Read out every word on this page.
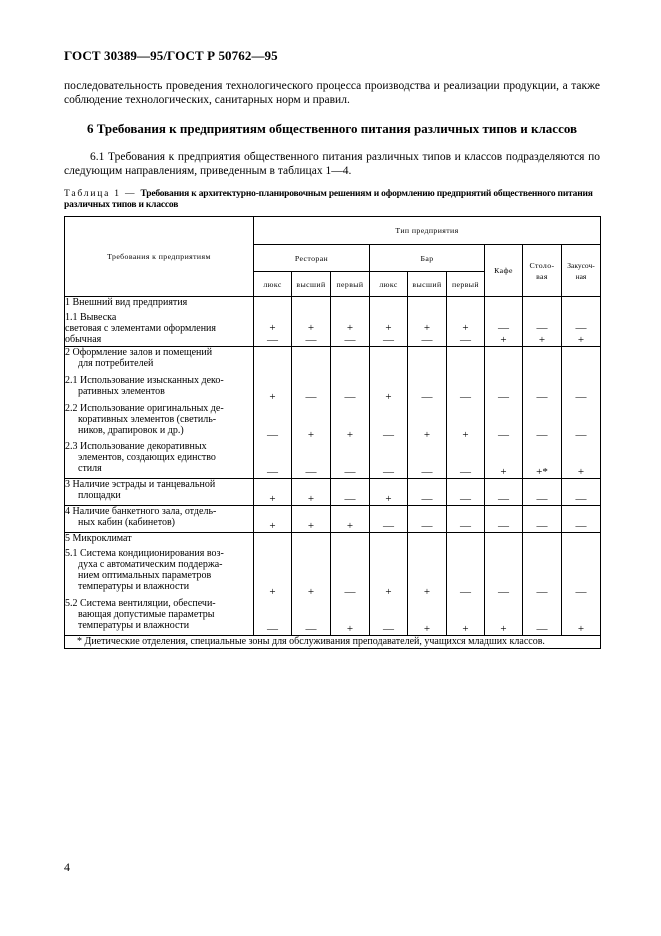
ГОСТ 30389—95/ГОСТ Р 50762—95
последовательность проведения технологического процесса производства и реализации продукции, а также соблюдение технологических, санитарных норм и правил.
6 Требования к предприятиям общественного питания различных типов и классов
6.1 Требования к предприятия общественного питания различных типов и классов подразделяются по следующим направлениям, приведенным в таблицах 1—4.
Таблица 1 — Требования к архитектурно-планировочным решениям и оформлению предприятий общественного питания различных типов и классов
Требования к предприятиям	Тип предприятия								
	Ресторан			Бар			Кафе	Столо-
вая	Закусоч-
ная

	люкс	высший	первый	люкс	высший	первый			
1 Внешний вид предприятия									

1.1 Вывеска
световая с элементами оформления	+	+	+	+	+	+	—	—	—
обычная	—	—	—	—	—	—	+	+	+

2 Оформление залов и помещений
для потребителей									

2.1 Использование изысканных деко-
ративных элементов	+	—	—	+	—	—	—	—	—

2.2 Использование оригинальных де-
коративных элементов (светиль-
ников, драпировок и др.)	—	+	+	—	+	+	—	—	—

2.3 Использование декоративных
элементов, создающих единство
стиля	—	—	—	—	—	—	+	+*	+

3 Наличие эстрады и танцевальной
площадки	+	+	—	+	—	—	—	—	—

4 Наличие банкетного зала, отдель-
ных кабин (кабинетов)	+	+	+	—	—	—	—	—	—
5 Микроклимат									

5.1 Система кондиционирования воз-
духа с автоматическим поддержа-
нием оптимальных параметров
температуры и влажности	+	+	—	+	+	—	—	—	—

5.2 Система вентиляции, обеспечи-
вающая допустимые параметры
температуры и влажности	—	—	+	—	+	+	+	—	+
* Диетические отделения, специальные зоны для обслуживания преподавателей, учащихся младших классов.									
4
